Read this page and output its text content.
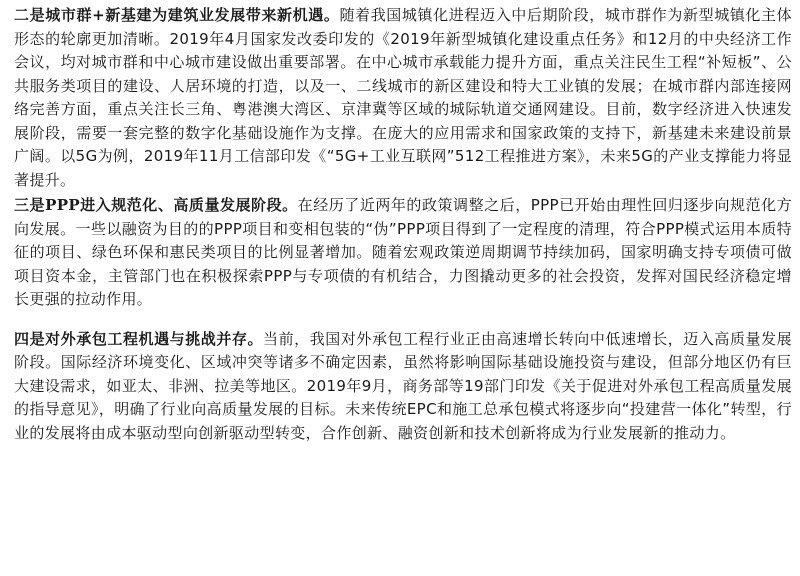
二是城市群+新基建为建筑业发展带来新机遇。随着我国城镇化进程迈入中后期阶段，城市群作为新型城镇化主体形态的轮廓更加清晰。2019年4月国家发改委印发的《2019年新型城镇化建设重点任务》和12月的中央经济工作会议，均对城市群和中心城市建设做出重要部署。在中心城市承载能力提升方面，重点关注民生工程“补短板”、公共服务类项目的建设、人居环境的打造，以及一、二线城市的新区建设和特大工业镇的发展；在城市群内部连接网络完善方面，重点关注长三角、粤港澳大湾区、京津冀等区域的城际轨道交通网建设。目前，数字经济进入快速发展阶段，需要一套完整的数字化基础设施作为支撑。在庞大的应用需求和国家政策的支持下，新基建未来建设前景广阔。以5G为例，2019年11月工信部印发《“5G+工业互联网”512工程推进方案》，未来5G的产业支撑能力将显著提升。

三是PPP进入规范化、高质量发展阶段。在经历了近两年的政策调整之后，PPP已开始由理性回归逐步向规范化方向发展。一些以融资为目的的PPP项目和变相包装的“伪”PPP项目得到了一定程度的清理，符合PPP模式运用本质特征的项目、绿色环保和惠民类项目的比例显著增加。随着宏观政策逆周期调节持续加码，国家明确支持专项债可做项目资本金，主管部门也在积极探索PPP与专项债的有机结合，力图撬动更多的社会投资，发挥对国民经济稳定增长更强的拉动作用。

四是对外承包工程机遇与挑战并存。当前，我国对外承包工程行业正由高速增长转向中低速增长，迈入高质量发展阶段。国际经济环境变化、区域冲突等诸多不确定因素，虽然将影响国际基础设施投资与建设，但部分地区仍有巨大建设需求，如亚太、非洲、拉美等地区。2019年9月，商务部等19部门印发《关于促进对外承包工程高质量发展的指导意见》，明确了行业向高质量发展的目标。未来传统EPC和施工总承包模式将逐步向“投建营一体化”转型，行业的发展将由成本驱动型向创新驱动型转变，合作创新、融资创新和技术创新将成为行业发展新的推动力。
